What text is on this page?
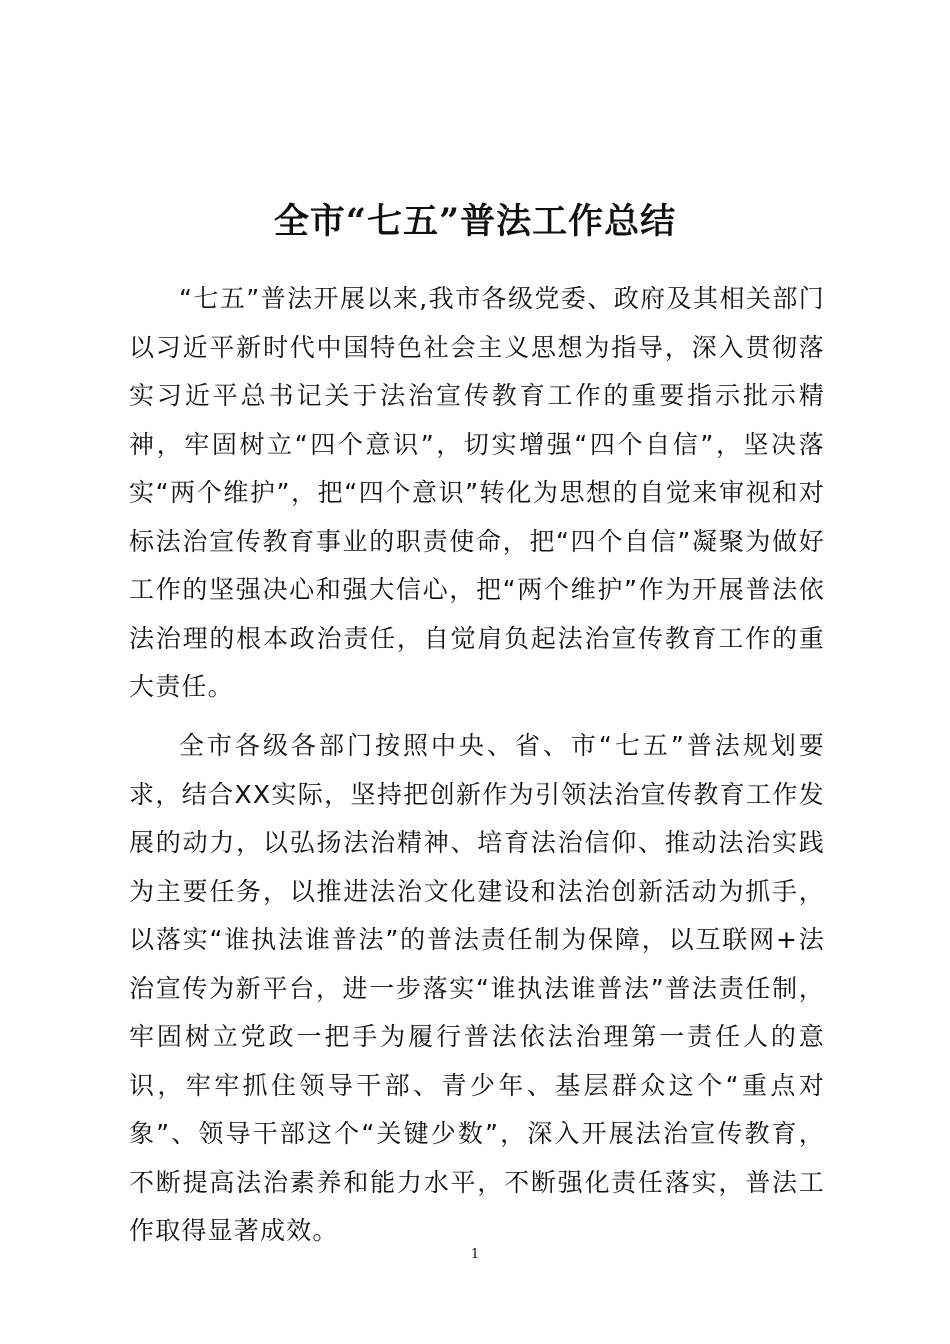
全市“七五”普法工作总结

“七五”普法开展以来,我市各级党委、政府及其相关部门以习近平新时代中国特色社会主义思想为指导，深入贯彻落实习近平总书记关于法治宣传教育工作的重要指示批示精神，牢固树立“四个意识”，切实增强“四个自信”，坚决落实“两个维护”，把“四个意识”转化为思想的自觉来审视和对标法治宣传教育事业的职责使命，把“四个自信”凝聚为做好工作的坚强决心和强大信心，把“两个维护”作为开展普法依法治理的根本政治责任，自觉肩负起法治宣传教育工作的重大责任。

全市各级各部门按照中央、省、市“七五”普法规划要求，结合XX实际，坚持把创新作为引领法治宣传教育工作发展的动力，以弘扬法治精神、培育法治信仰、推动法治实践为主要任务，以推进法治文化建设和法治创新活动为抓手，以落实“谁执法谁普法”的普法责任制为保障，以互联网+法治宣传为新平台，进一步落实“谁执法谁普法”普法责任制，牢固树立党政一把手为履行普法依法治理第一责任人的意识，牢牢抓住领导干部、青少年、基层群众这个“重点对象”、领导干部这个“关键少数”，深入开展法治宣传教育，不断提高法治素养和能力水平，不断强化责任落实，普法工作取得显著成效。

1
